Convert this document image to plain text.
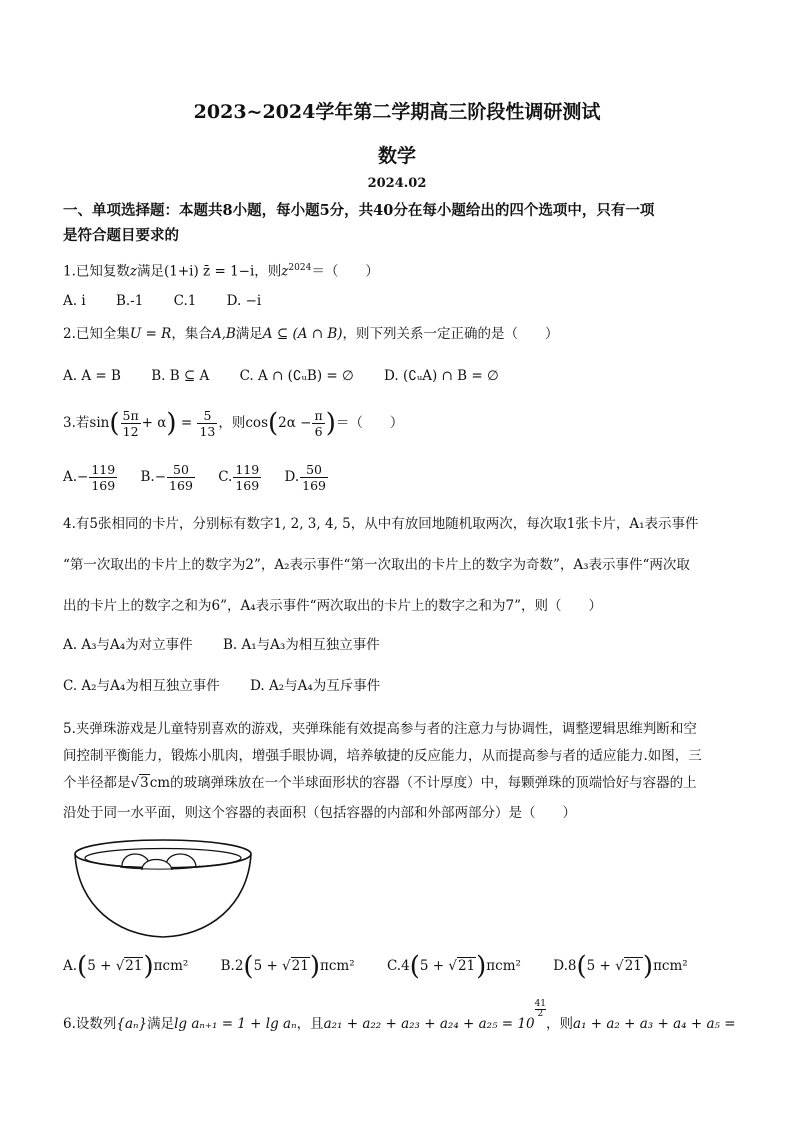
2023~2024学年第二学期高三阶段性调研测试
数学
2024.02
一、单项选择题：本题共8小题，每小题5分，共40分在每小题给出的四个选项中，只有一项
是符合题目要求的
1.已知复数z满足(1+i) z̄ = 1−i，则$z^{2024}=$（　　）
A. i B.-1 C.1 D. −i
2.已知全集U = R，集合A,B满足A ⊆ (A ∩ B)，则下列关系一定正确的是（　　）
A. A = B B. B ⊆ A C. A ∩ (∁ᵤB) = ∅ D. (∁ᵤA) ∩ B = ∅
3.若$\sin( \frac{5\pi}{12} + \alpha) = \frac{5}{13}$ ，则$\cos(2\alpha - \frac{\pi}{6}$ )＝（　　）
$A.- \frac{119}{169} B.- \frac{50}{169} C$. $\frac{119}{169} D$. $\frac{50}{169}$
4.有5张相同的卡片，分别标有数字1, 2, 3, 4, 5，从中有放回地随机取两次，每次取1张卡片，A₁表示事件
“第一次取出的卡片上的数字为2”，A₂表示事件“第一次取出的卡片上的数字为奇数”，A₃表示事件“两次取
出的卡片上的数字之和为6”，A₄表示事件“两次取出的卡片上的数字之和为7”，则（　　）
A. A₃与A₄为对立事件 B. A₁与A₃为相互独立事件
C. A₂与A₄为相互独立事件 D. A₂与A₄为互斥事件
5.夹弹珠游戏是儿童特别喜欢的游戏，夹弹珠能有效提高参与者的注意力与协调性，调整逻辑思维判断和空
间控制平衡能力，锻炼小肌肉，增强手眼协调，培养敏捷的反应能力，从而提高参与者的适应能力.如图，三
个半径都是√3cm的玻璃弹珠放在一个半球面形状的容器（不计厚度）中，每颗弹珠的顶端恰好与容器的上
沿处于同一水平面，则这个容器的表面积（包括容器的内部和外部两部分）是（　　）
A.(5 + √21)πcm² B.2(5 + √21)πcm² C.4(5 + √21)πcm² D.8(5 + √21)πcm²
6.设数列{aₙ}满足lg aₙ₊₁ = 1 + lg aₙ，且a₂₁ + a₂₂ + a₂₃ + a₂₄ + a₂₅ = 10
$^{\frac{41}{2}}$
，则a₁ + a₂ + a₃ + a₄ + a₅ =
